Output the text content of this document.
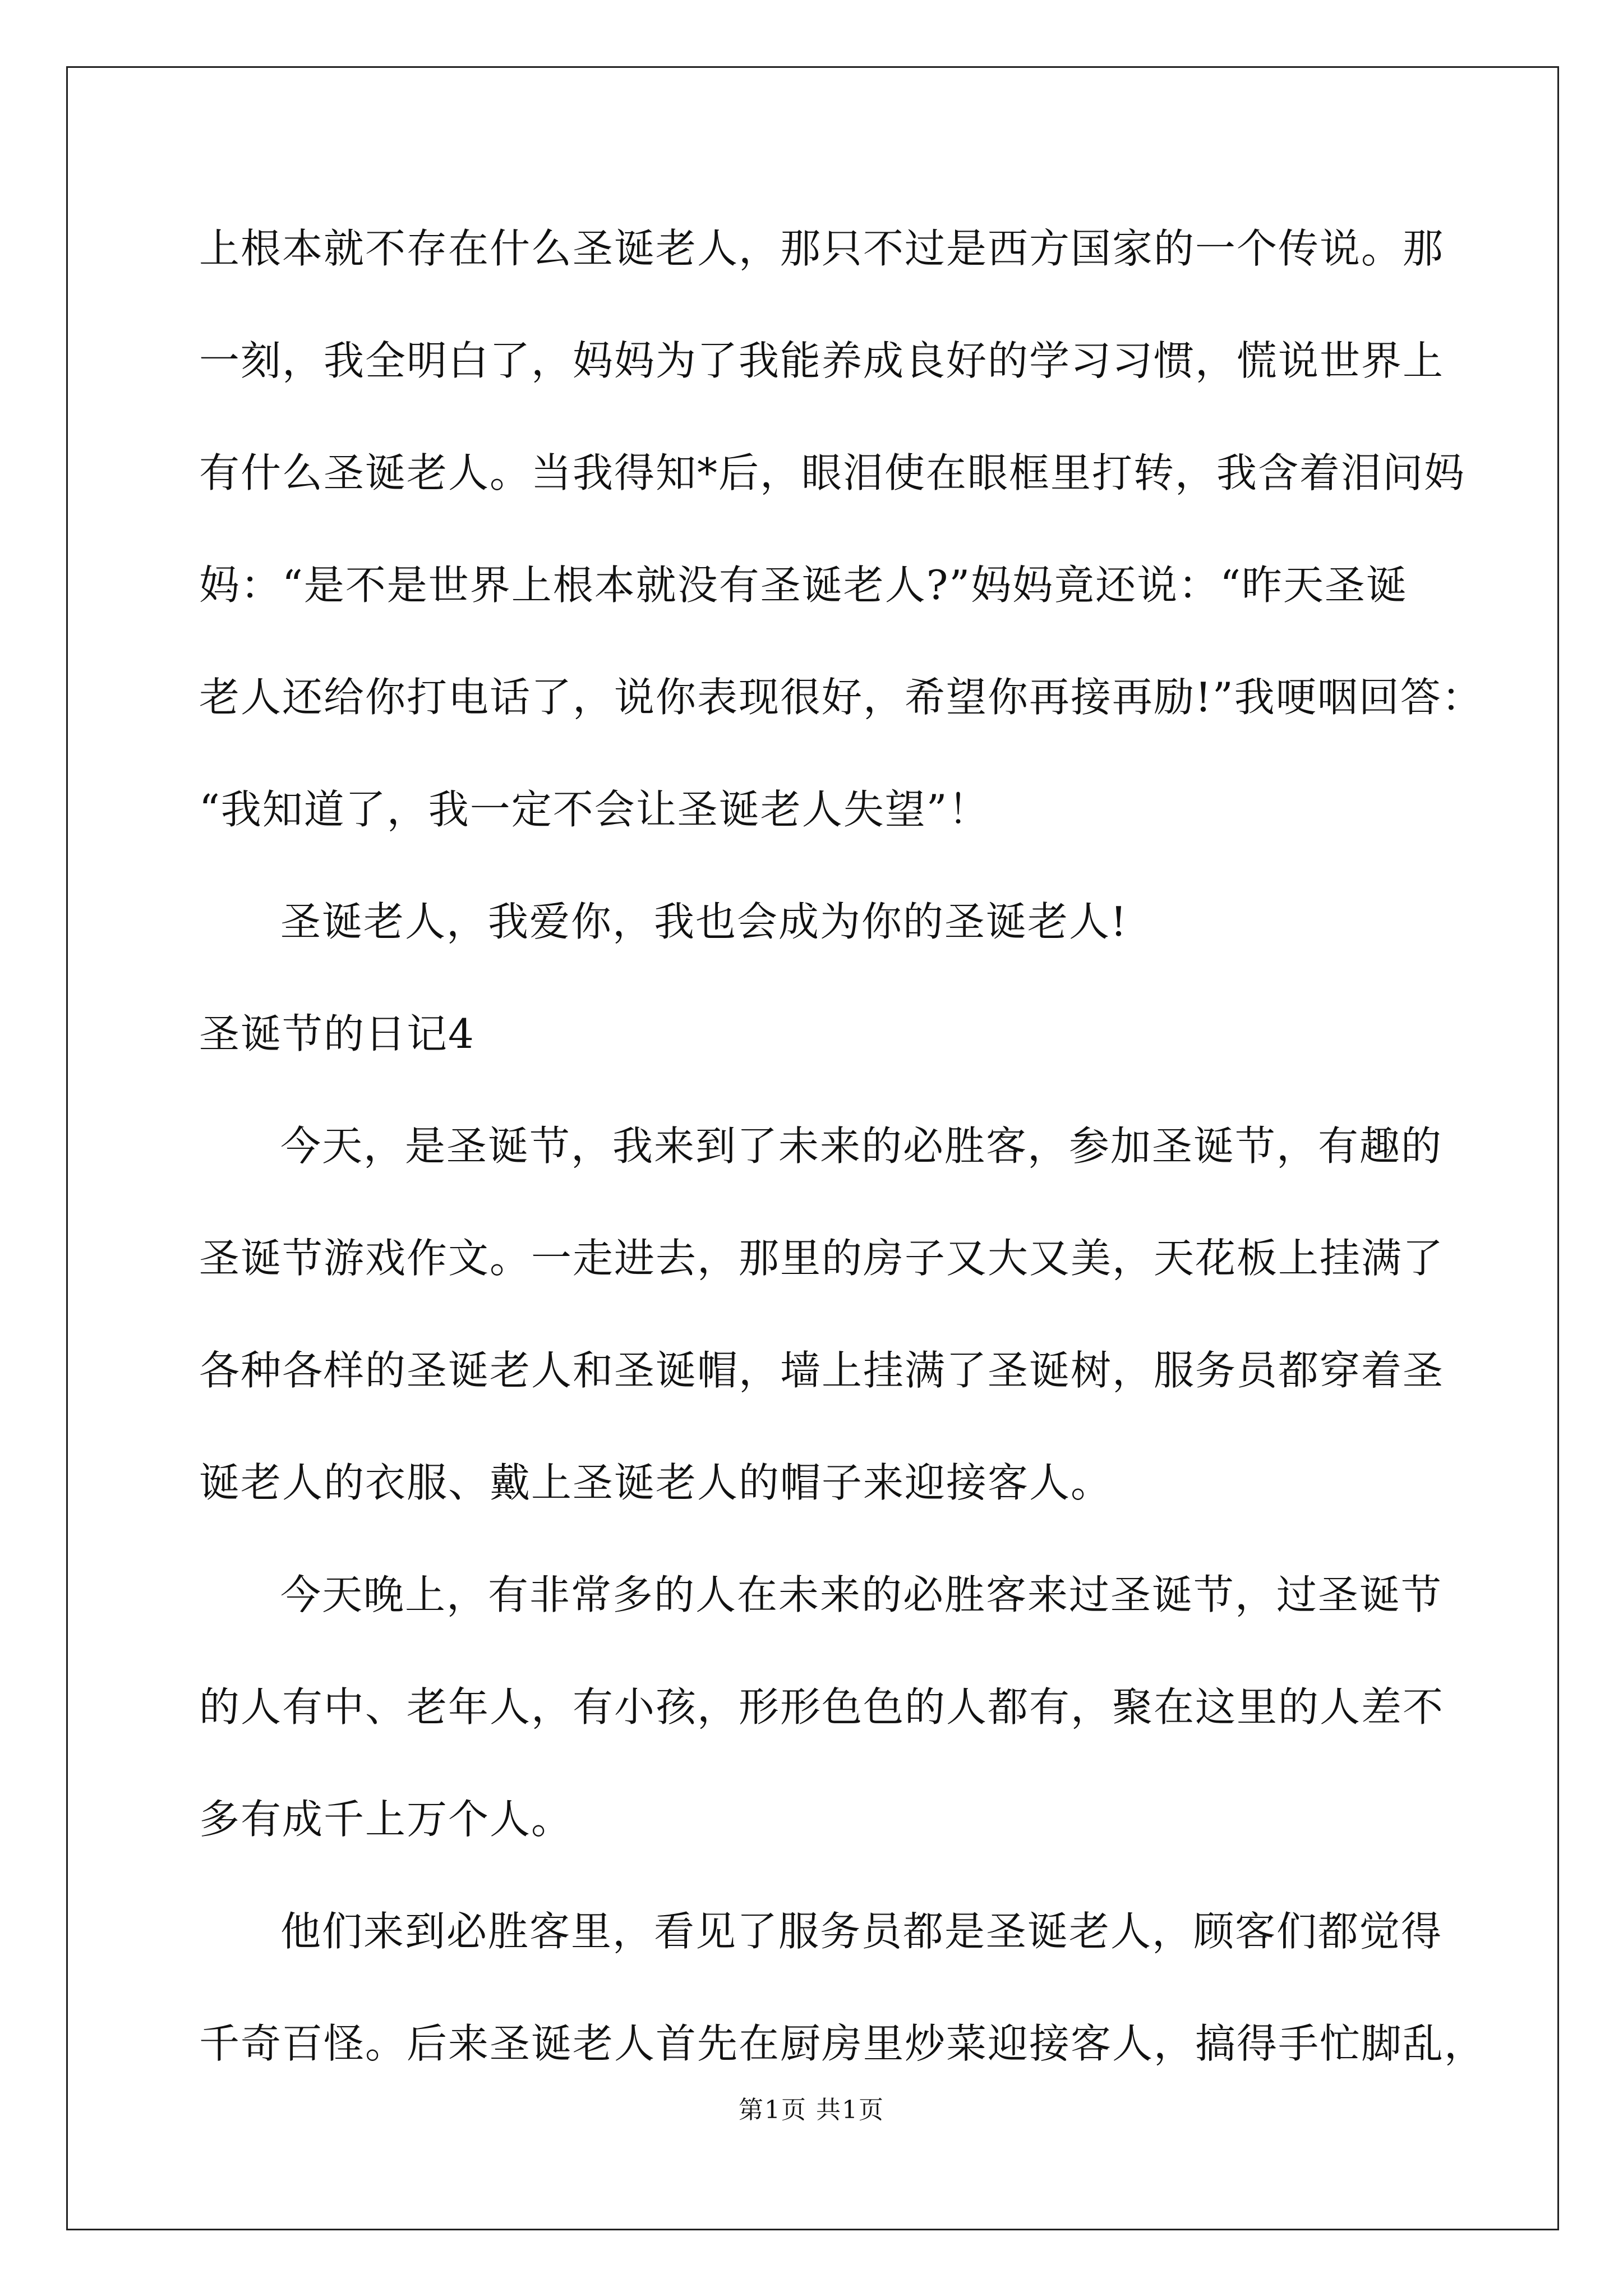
上根本就不存在什么圣诞老人，那只不过是西方国家的一个传说。那
一刻，我全明白了，妈妈为了我能养成良好的学习习惯，慌说世界上
有什么圣诞老人。当我得知*后，眼泪使在眼框里打转，我含着泪问妈
妈：“是不是世界上根本就没有圣诞老人?”妈妈竟还说：“昨天圣诞
老人还给你打电话了，说你表现很好，希望你再接再励!”我哽咽回答：
“我知道了，我一定不会让圣诞老人失望”！
圣诞老人，我爱你，我也会成为你的圣诞老人!
圣诞节的日记4
今天，是圣诞节，我来到了未来的必胜客，参加圣诞节，有趣的
圣诞节游戏作文。一走进去，那里的房子又大又美，天花板上挂满了
各种各样的圣诞老人和圣诞帽，墙上挂满了圣诞树，服务员都穿着圣
诞老人的衣服、戴上圣诞老人的帽子来迎接客人。
今天晚上，有非常多的人在未来的必胜客来过圣诞节，过圣诞节
的人有中、老年人，有小孩，形形色色的人都有，聚在这里的人差不
多有成千上万个人。
他们来到必胜客里，看见了服务员都是圣诞老人，顾客们都觉得
千奇百怪。后来圣诞老人首先在厨房里炒菜迎接客人，搞得手忙脚乱，
第1页 共1页
